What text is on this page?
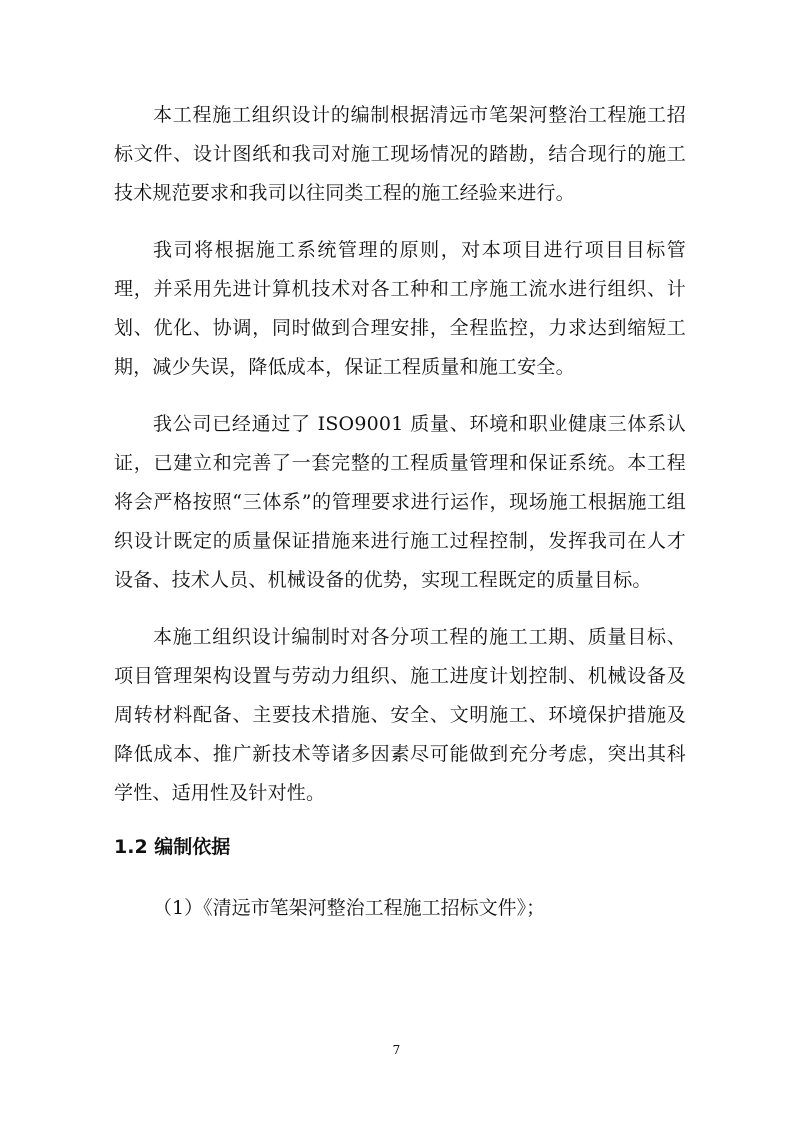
本工程施工组织设计的编制根据清远市笔架河整治工程施工招标文件、设计图纸和我司对施工现场情况的踏勘，结合现行的施工技术规范要求和我司以往同类工程的施工经验来进行。

我司将根据施工系统管理的原则，对本项目进行项目目标管理，并采用先进计算机技术对各工种和工序施工流水进行组织、计划、优化、协调，同时做到合理安排，全程监控，力求达到缩短工期，减少失误，降低成本，保证工程质量和施工安全。

我公司已经通过了 ISO9001 质量、环境和职业健康三体系认证，已建立和完善了一套完整的工程质量管理和保证系统。本工程将会严格按照“三体系”的管理要求进行运作，现场施工根据施工组织设计既定的质量保证措施来进行施工过程控制，发挥我司在人才设备、技术人员、机械设备的优势，实现工程既定的质量目标。

本施工组织设计编制时对各分项工程的施工工期、质量目标、项目管理架构设置与劳动力组织、施工进度计划控制、机械设备及周转材料配备、主要技术措施、安全、文明施工、环境保护措施及降低成本、推广新技术等诸多因素尽可能做到充分考虑，突出其科学性、适用性及针对性。

1.2 编制依据

（1）《清远市笔架河整治工程施工招标文件》；

7
